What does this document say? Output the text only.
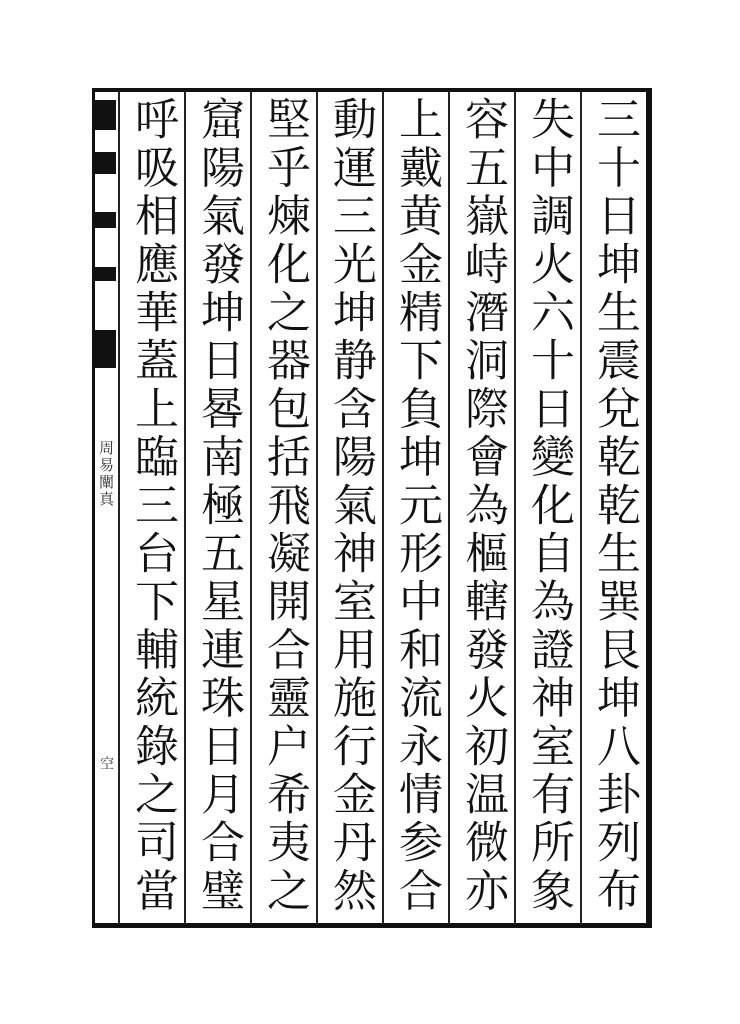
周易闡真
空
三十日坤生震兌乾乾生巽艮坤八卦列布
失中調火六十日變化自為證神室有所象
容五嶽峙潛洞際會為樞轄發火初温微亦
上戴黄金精下負坤元形中和流永情参合
動運三光坤静含陽氣神室用施行金丹然
堅乎煉化之器包括飛凝開合靈户希夷之
窟陽氣發坤日晷南極五星連珠日月合璧
呼吸相應華蓋上臨三台下輔統錄之司當
